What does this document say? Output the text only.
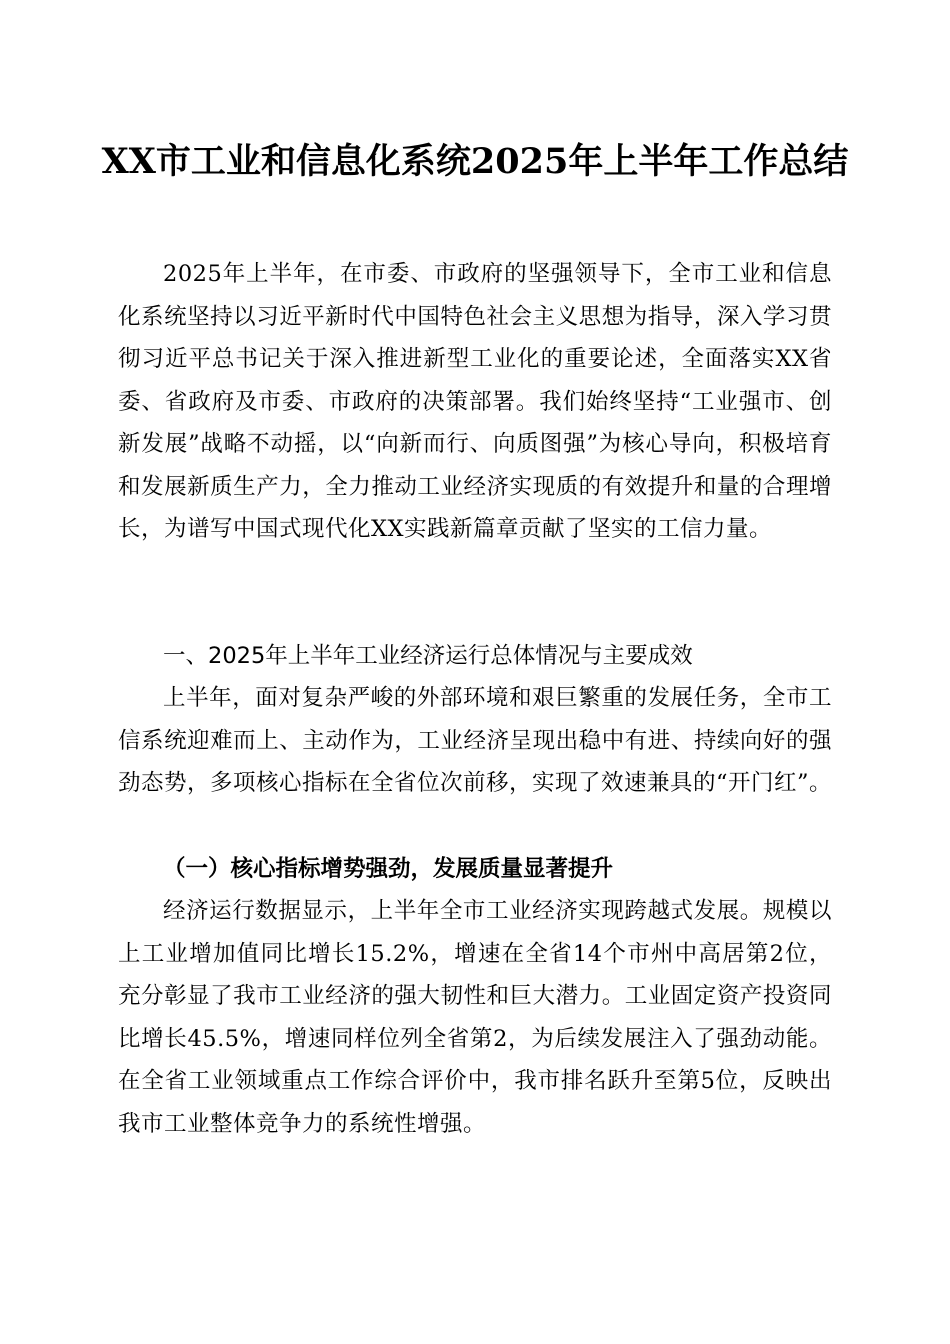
XX市工业和信息化系统2025年上半年工作总结

2025年上半年，在市委、市政府的坚强领导下，全市工业和信息化系统坚持以习近平新时代中国特色社会主义思想为指导，深入学习贯彻习近平总书记关于深入推进新型工业化的重要论述，全面落实XX省委、省政府及市委、市政府的决策部署。我们始终坚持“工业强市、创新发展”战略不动摇，以“向新而行、向质图强”为核心导向，积极培育和发展新质生产力，全力推动工业经济实现质的有效提升和量的合理增长，为谱写中国式现代化XX实践新篇章贡献了坚实的工信力量。

一、2025年上半年工业经济运行总体情况与主要成效

上半年，面对复杂严峻的外部环境和艰巨繁重的发展任务，全市工信系统迎难而上、主动作为，工业经济呈现出稳中有进、持续向好的强劲态势，多项核心指标在全省位次前移，实现了效速兼具的“开门红”。

（一）核心指标增势强劲，发展质量显著提升

经济运行数据显示，上半年全市工业经济实现跨越式发展。规模以上工业增加值同比增长15.2%，增速在全省14个市州中高居第2位，充分彰显了我市工业经济的强大韧性和巨大潜力。工业固定资产投资同比增长45.5%，增速同样位列全省第2，为后续发展注入了强劲动能。在全省工业领域重点工作综合评价中，我市排名跃升至第5位，反映出我市工业整体竞争力的系统性增强。
